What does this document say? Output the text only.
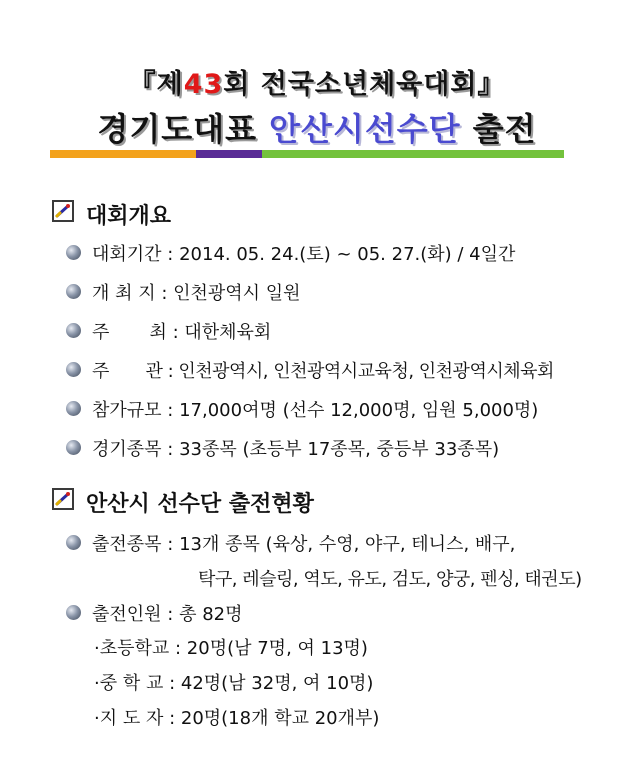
『제43회 전국소년체육대회』
경기도대표 안산시선수단 출전
대회개요
대회기간 : 2014. 05. 24.(토) ~ 05. 27.(화) / 4일간
개 최 지 : 인천광역시 일원
주       최 : 대한체육회
주       관 : 인천광역시, 인천광역시교육청, 인천광역시체육회
참가규모 : 17,000여명 (선수 12,000명, 임원 5,000명)
경기종목 : 33종목 (초등부 17종목, 중등부 33종목)
안산시 선수단 출전현황
출전종목 : 13개 종목 (육상, 수영, 야구, 테니스, 배구,
탁구, 레슬링, 역도, 유도, 검도, 양궁, 펜싱, 태권도)
출전인원 : 총 82명
·초등학교 : 20명(남 7명, 여 13명)
·중 학 교 : 42명(남 32명, 여 10명)
·지 도 자 : 20명(18개 학교 20개부)
